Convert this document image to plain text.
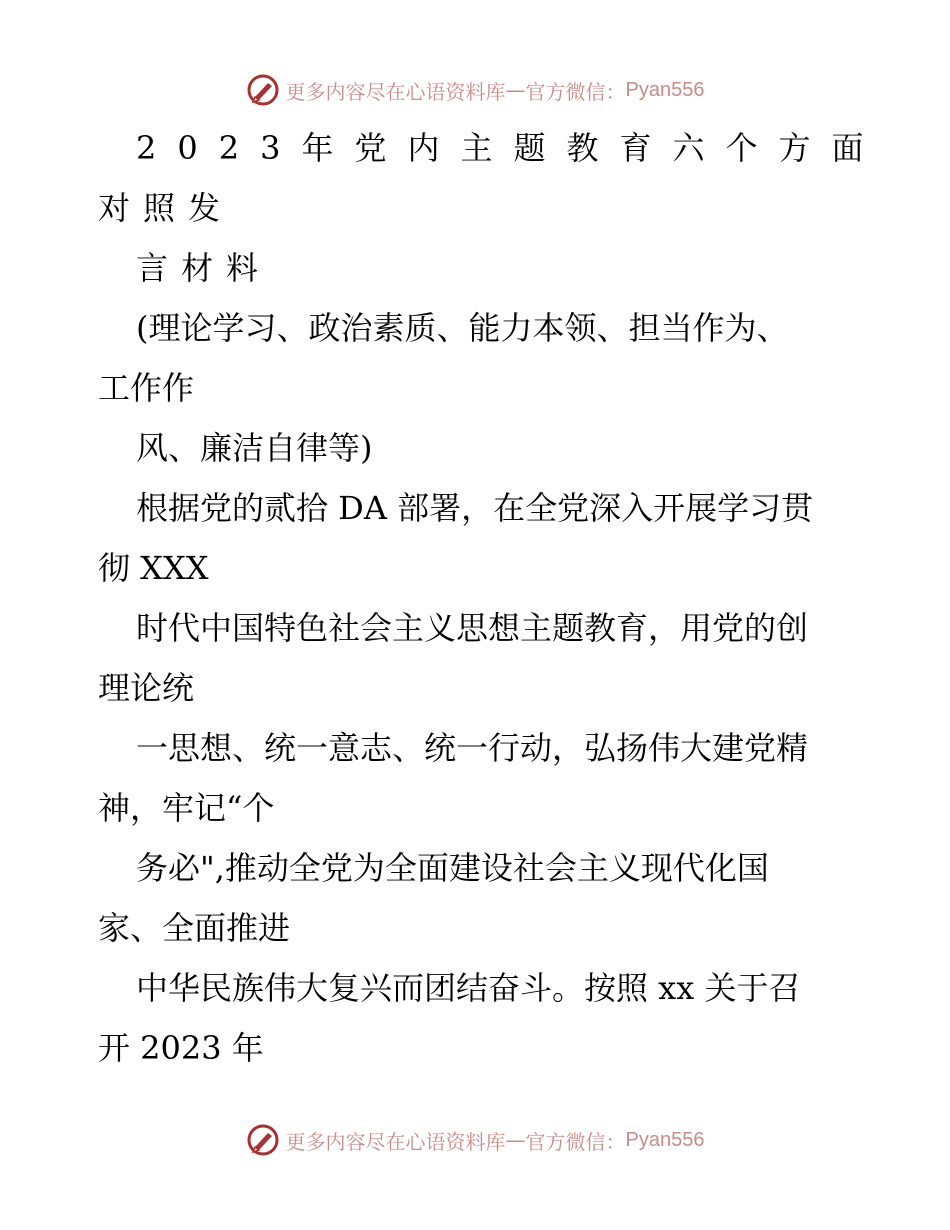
更多内容尽在心语资料库 — 官方微信： Pyan556
2023年党内主题教育六个方面
对照发
言材料
(理论学习、政治素质、能力本领、担当作为、
工作作
风、廉洁自律等)
根据党的贰拾 DA 部署，在全党深入开展学习贯
彻 XXX
时代中国特色社会主义思想主题教育，用党的创
理论统
一思想、统一意志、统一行动，弘扬伟大建党精
神，牢记“个
务必",推动全党为全面建设社会主义现代化国
家、全面推进
中华民族伟大复兴而团结奋斗。按照 xx 关于召
开 2023 年
更多内容尽在心语资料库 — 官方微信： Pyan556
